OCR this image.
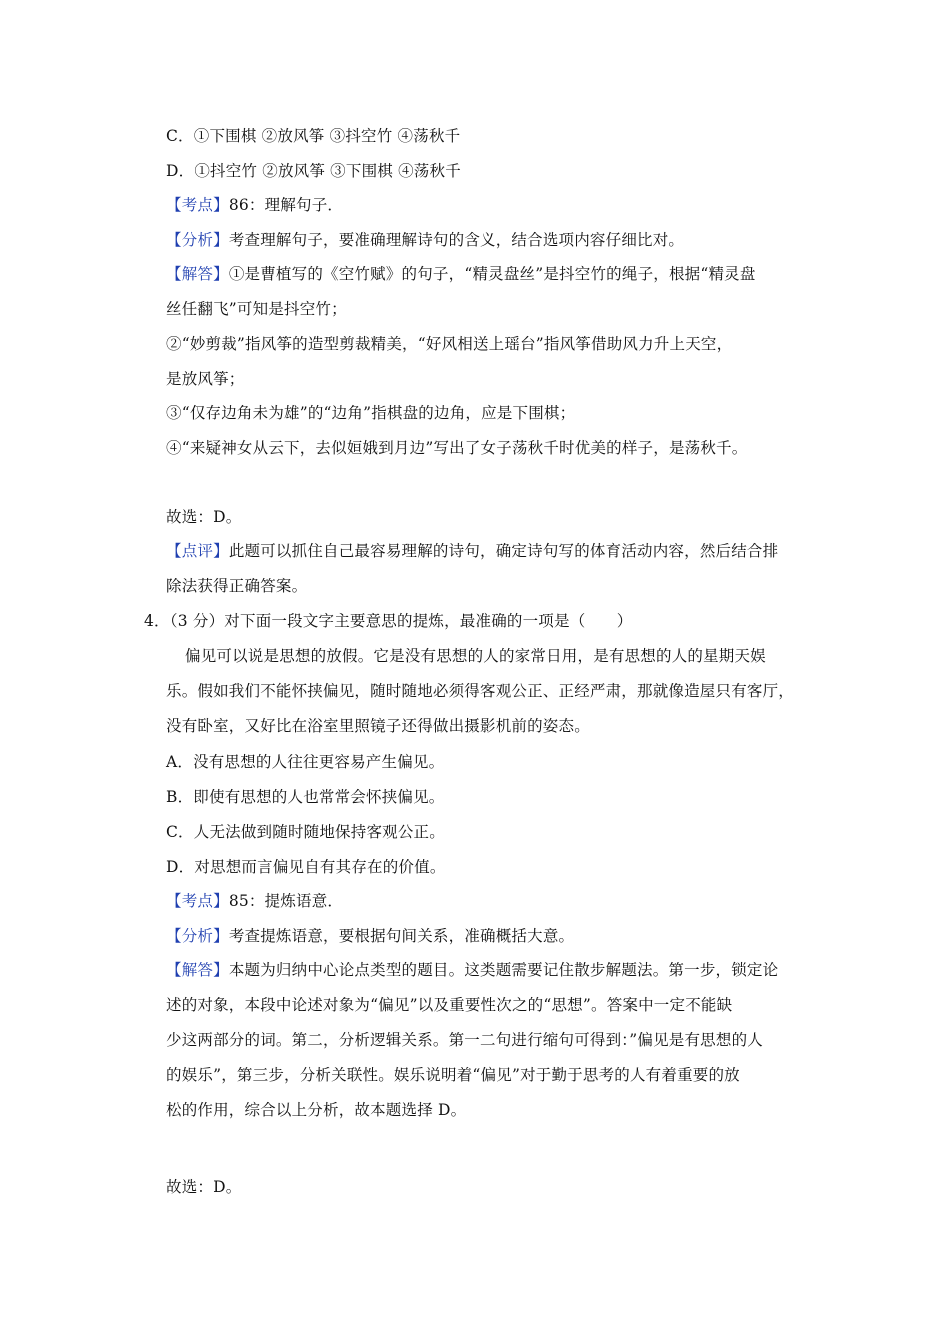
C．①下围棋 ②放风筝 ③抖空竹 ④荡秋千
D．①抖空竹 ②放风筝 ③下围棋 ④荡秋千
【考点】86：理解句子．
【分析】考查理解句子，要准确理解诗句的含义，结合选项内容仔细比对。
【解答】①是曹植写的《空竹赋》的句子，“精灵盘丝”是抖空竹的绳子，根据“精灵盘
丝任翻飞”可知是抖空竹；
②“妙剪裁”指风筝的造型剪裁精美，“好风相送上瑶台”指风筝借助风力升上天空，
是放风筝；
③“仅存边角未为雄”的“边角”指棋盘的边角，应是下围棋；
④“来疑神女从云下，去似姮娥到月边”写出了女子荡秋千时优美的样子，是荡秋千。
故选：D。
【点评】此题可以抓住自己最容易理解的诗句，确定诗句写的体育活动内容，然后结合排
除法获得正确答案。
4．（3 分）对下面一段文字主要意思的提炼，最准确的一项是（　　）
偏见可以说是思想的放假。它是没有思想的人的家常日用，是有思想的人的星期天娱
乐。假如我们不能怀挟偏见，随时随地必须得客观公正、正经严肃，那就像造屋只有客厅，
没有卧室，又好比在浴室里照镜子还得做出摄影机前的姿态。
A．没有思想的人往往更容易产生偏见。
B．即使有思想的人也常常会怀挟偏见。
C．人无法做到随时随地保持客观公正。
D．对思想而言偏见自有其存在的价值。
【考点】85：提炼语意．
【分析】考查提炼语意，要根据句间关系，准确概括大意。
【解答】本题为归纳中心论点类型的题目。这类题需要记住散步解题法。第一步，锁定论
述的对象，本段中论述对象为“偏见”以及重要性次之的“思想”。答案中一定不能缺
少这两部分的词。第二，分析逻辑关系。第一二句进行缩句可得到：”偏见是有思想的人
的娱乐”，第三步，分析关联性。娱乐说明着“偏见”对于勤于思考的人有着重要的放
松的作用，综合以上分析，故本题选择 D。
故选：D。
